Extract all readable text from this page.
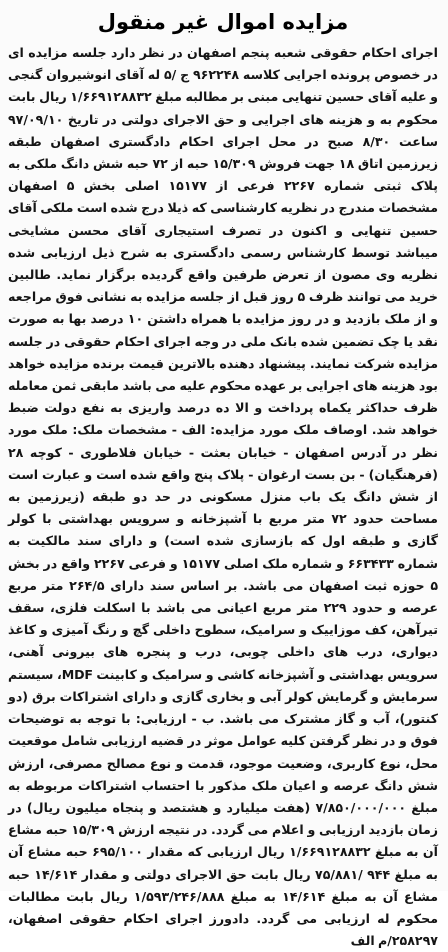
مزایده اموال غیر منقول

اجرای احکام حقوقی شعبه پنجم اصفهان در نظر دارد جلسه مزایده ای در خصوص پرونده اجرایی کلاسه ۹۶۲۲۴۸ ج /۵ له آقای انوشیروان گنجی و علیه آقای حسین تنهایی مبنی بر مطالبه مبلغ ۱/۶۶۹۱۲۸۸۳۲ ریال بابت محکوم به و هزینه های اجرایی و حق الاجرای دولتی در تاریخ ۹۷/۰۹/۱۰ ساعت ۸/۳۰ صبح در محل اجرای احکام دادگستری اصفهان طبقه زیرزمین اتاق ۱۸ جهت فروش ۱۵/۳۰۹ حبه از ۷۲ حبه شش دانگ ملکی به پلاک ثبتی شماره ۲۲۶۷ فرعی از ۱۵۱۷۷ اصلی بخش ۵ اصفهان مشخصات مندرج در نظریه کارشناسی که ذیلا درج شده است ملکی آقای حسین تنهایی و اکنون در تصرف استیجاری آقای محسن مشایخی میباشد توسط کارشناس رسمی دادگستری به شرح ذیل ارزیابی شده نظریه وی مصون از تعرض طرفین واقع گردیده برگزار نماید. طالبین خرید می توانند ظرف ۵ روز قبل از جلسه مزایده به نشانی فوق مراجعه و از ملک بازدید و در روز مزایده با همراه داشتن ۱۰ درصد بها به صورت نقد یا چک تضمین شده بانک ملی در وجه اجرای احکام حقوقی در جلسه مزایده شرکت نمایند. پیشنهاد دهنده بالاترین قیمت برنده مزایده خواهد بود هزینه های اجرایی بر عهده محکوم علیه می باشد مابقی ثمن معامله ظرف حداکثر یکماه پرداخت و الا ده درصد واریزی به نفع دولت ضبط خواهد شد. اوصاف ملک مورد مزایده: الف - مشخصات ملک: ملک مورد نظر در آدرس اصفهان - خیابان بعثت - خیابان فلاطوری - کوچه ۲۸ (فرهنگیان) - بن بست ارغوان - پلاک پنج واقع شده است و عبارت است از شش دانگ یک باب منزل مسکونی در حد دو طبقه (زیرزمین به مساحت حدود ۷۲ متر مربع با آشپزخانه و سرویس بهداشتی با کولر گازی و طبقه اول که بازسازی شده است) و دارای سند مالکیت به شماره ۶۶۳۴۳۳ و شماره ملک اصلی ۱۵۱۷۷ و فرعی ۲۲۶۷ واقع در بخش ۵ حوزه ثبت اصفهان می باشد. بر اساس سند دارای ۲۶۴/۵ متر مربع عرصه و حدود ۲۲۹ متر مربع اعیانی می باشد با اسکلت فلزی، سقف تیرآهن، کف موزاییک و سرامیک، سطوح داخلی گچ و رنگ آمیزی و کاغذ دیواری، درب های داخلی چوبی، درب و پنجره های بیرونی آهنی، سرویس بهداشتی و آشپزخانه کاشی و سرامیک و کابینت MDF، سیستم سرمایش و گرمایش کولر آبی و بخاری گازی و دارای اشتراکات برق (دو کنتور)، آب و گاز مشترک می باشد. ب - ارزیابی: با توجه به توضیحات فوق و در نظر گرفتن کلیه عوامل موثر در قضیه ارزیابی شامل موقعیت محل، نوع کاربری، وضعیت موجود، قدمت و نوع مصالح مصرفی، ارزش شش دانگ عرصه و اعیان ملک مذکور با احتساب اشتراکات مربوطه به مبلغ ۷/۸۵۰/۰۰۰/۰۰۰ (هفت میلیارد و هشتصد و پنجاه میلیون ریال) در زمان بازدید ارزیابی و اعلام می گردد. در نتیجه ارزش ۱۵/۳۰۹ حبه مشاع آن به مبلغ ۱/۶۶۹۱۲۸۸۳۲ ریال ارزیابی که مقدار ۶۹۵/۱۰۰ حبه مشاع آن به مبلغ ۹۴۴ /۷۵/۸۸۱ ریال بابت حق الاجرای دولتی و مقدار ۱۴/۶۱۴ حبه مشاع آن به مبلغ ۱۴/۶۱۴ به مبلغ ۱/۵۹۳/۲۴۶/۸۸۸ ریال بابت مطالبات محکوم له ارزیابی می گردد. دادورز اجرای احکام حقوقی اصفهان، ۲۵۸۲۹۷/م الف
